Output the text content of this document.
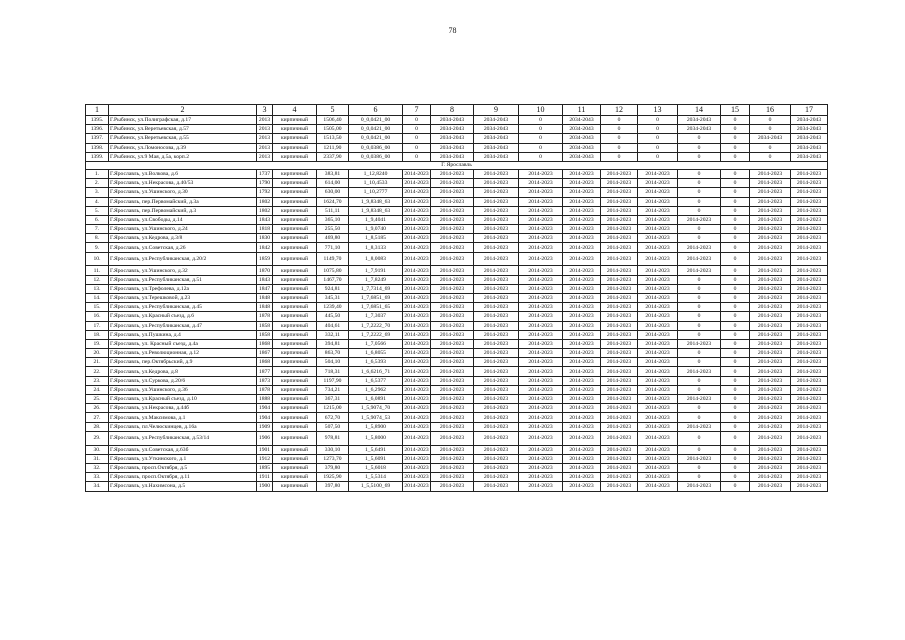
78
1	2	3	4	5	6	7	8	9	10	11	12	13	14	15	16	17
1395.	Г.Рыбинск, ул.Полиграфская, д.17	2013	кирпичный	1506,40	0_0,0421_00	0	2034-2043	2034-2043	0	2034-2043	0	0	2034-2043	0	0	2034-2043
1396.	Г.Рыбинск, ул.Веретьевская, д.57	2013	кирпичный	1505,00	0_0,0421_00	0	2034-2043	2034-2043	0	2034-2043	0	0	2034-2043	0	0	2034-2043
1397.	Г.Рыбинск, ул.Веретьевская, д.55	2013	кирпичный	1513,50	0_0,0421_00	0	2034-2043	2034-2043	0	2034-2043	0	0	0	0	2034-2043	2034-2043
1398.	Г.Рыбинск, ул.Ломоносова, д.39	2013	кирпичный	1211,90	0_0,0386_00	0	2034-2043	2034-2043	0	2034-2043	0	0	0	0	0	2034-2043
1399.	Г.Рыбинск, ул.9 Мая, д.5а, корп.2	2013	кирпичный	2337,90	0_0,0386_00	0	2034-2043	2034-2043	0	2034-2043	0	0	0	0	0	2034-2043
Г. Ярославль																
1.	Г.Ярославль, ул.Волкова, д.6	1737	кирпичный	383,81	1_12,8240	2014-2023	2014-2023	2014-2023	2014-2023	2014-2023	2014-2023	2014-2023	0	0	2014-2023	2014-2023
2.	Г.Ярославль, ул.Некрасова, д.40/53	1790	кирпичный	614,00	1_10,4533	2014-2023	2014-2023	2014-2023	2014-2023	2014-2023	2014-2023	2014-2023	0	0	2014-2023	2014-2023
3.	Г.Ярославль, ул.Ушинского, д.30	1792	кирпичный	630,00	1_10,2777	2014-2023	2014-2023	2014-2023	2014-2023	2014-2023	2014-2023	2014-2023	0	0	2014-2023	2014-2023
4.	Г.Ярославль, пер.Первомайский, д.3а	1802	кирпичный	1624,70	1_9,8348_63	2014-2023	2014-2023	2014-2023	2014-2023	2014-2023	2014-2023	2014-2023	0	0	2014-2023	2014-2023
5.	Г.Ярославль, пер.Первомайский, д.3	1802	кирпичный	511,11	1_9,8348_63	2014-2023	2014-2023	2014-2023	2014-2023	2014-2023	2014-2023	2014-2023	0	0	2014-2023	2014-2023
6.	Г.Ярославль, ул.Свободы, д.14	1843	кирпичный	365,10	1_9,4041	2014-2023	2014-2023	2014-2023	2014-2023	2014-2023	2014-2023	2014-2023	2014-2023	0	2014-2023	2014-2023
7.	Г.Ярославль, ул.Ушинского, д.24	1818	кирпичный	255,50	1_9,0740	2014-2023	2014-2023	2014-2023	2014-2023	2014-2023	2014-2023	2014-2023	0	0	2014-2023	2014-2023
8.	Г.Ярославль, ул.Кедрова, д.3/8	1830	кирпичный	469,80	1_8,5185	2014-2023	2014-2023	2014-2023	2014-2023	2014-2023	2014-2023	2014-2023	0	0	2014-2023	2014-2023
9.	Г.Ярославль, ул.Советская, д.26	1842	кирпичный	771,10	1_8,3133	2014-2023	2014-2023	2014-2023	2014-2023	2014-2023	2014-2023	2014-2023	2014-2023	0	2014-2023	2014-2023
10.	Г.Ярославль, ул.Республиканская, д.20/2	1859	кирпичный	1149,70	1_8,0083	2014-2023	2014-2023	2014-2023	2014-2023	2014-2023	2014-2023	2014-2023	2014-2023	0	2014-2023	2014-2023
11.	Г.Ярославль, ул.Ушинского, д.32	1870	кирпичный	1075,80	1_7,9191	2014-2023	2014-2023	2014-2023	2014-2023	2014-2023	2014-2023	2014-2023	2014-2023	0	2014-2023	2014-2023
12.	Г.Ярославль, ул.Республиканская, д.51	1843	кирпичный	1467,70	1_7,8249	2014-2023	2014-2023	2014-2023	2014-2023	2014-2023	2014-2023	2014-2023	0	0	2014-2023	2014-2023
13.	Г.Ярославль, ул.Трефолева, д.12а	1847	кирпичный	924,81	1_7,7314_69	2014-2023	2014-2023	2014-2023	2014-2023	2014-2023	2014-2023	2014-2023	0	0	2014-2023	2014-2023
14.	Г.Ярославль, ул.Терешковой, д.23	1848	кирпичный	345,31	1_7,6851_69	2014-2023	2014-2023	2014-2023	2014-2023	2014-2023	2014-2023	2014-2023	0	0	2014-2023	2014-2023
15.	Г.Ярославль, ул.Республиканская, д.45	1848	кирпичный	1239,40	1_7,6851_65	2014-2023	2014-2023	2014-2023	2014-2023	2014-2023	2014-2023	2014-2023	0	0	2014-2023	2014-2023
16.	Г.Ярославль, ул.Красный съезд, д.6	1878	кирпичный	445,50	1_7,3037	2014-2023	2014-2023	2014-2023	2014-2023	2014-2023	2014-2023	2014-2023	0	0	2014-2023	2014-2023
17.	Г.Ярославль, ул.Республиканская, д.47	1858	кирпичный	404,61	1_7,2222_70	2014-2023	2014-2023	2014-2023	2014-2023	2014-2023	2014-2023	2014-2023	0	0	2014-2023	2014-2023
18.	Г.Ярославль, ул.Пушкина, д.4	1858	кирпичный	332,11	1_7,2222_69	2014-2023	2014-2023	2014-2023	2014-2023	2014-2023	2014-2023	2014-2023	0	0	2014-2023	2014-2023
19.	Г.Ярославль, ул. Красный съезд, д.4а	1868	кирпичный	394,81	1_7,0566	2014-2023	2014-2023	2014-2023	2014-2023	2014-2023	2014-2023	2014-2023	2014-2023	0	2014-2023	2014-2023
20.	Г.Ярославль, ул.Революционная, д.12	1867	кирпичный	863,70	1_6,8055	2014-2023	2014-2023	2014-2023	2014-2023	2014-2023	2014-2023	2014-2023	0	0	2014-2023	2014-2023
21.	Г.Ярославль, пер.Октябрьский, д.9	1868	кирпичный	504,10	1_6,5393	2014-2023	2014-2023	2014-2023	2014-2023	2014-2023	2014-2023	2014-2023	0	0	2014-2023	2014-2023
22.	Г.Ярославль, ул.Кедрова, д.8	1877	кирпичный	718,31	1_6,6216_71	2014-2023	2014-2023	2014-2023	2014-2023	2014-2023	2014-2023	2014-2023	2014-2023	0	2014-2023	2014-2023
23.	Г.Ярославль, ул.Суркова, д.20/6	1873	кирпичный	1197,90	1_6,5377	2014-2023	2014-2023	2014-2023	2014-2023	2014-2023	2014-2023	2014-2023	0	0	2014-2023	2014-2023
24.	Г.Ярославль, ул.Ушинского, д.36	1878	кирпичный	734,21	1_6,2962	2014-2023	2014-2023	2014-2023	2014-2023	2014-2023	2014-2023	2014-2023	0	0	2014-2023	2014-2023
25.	Г.Ярославль, ул.Красный съезд, д.10	1888	кирпичный	367,31	1_6,0891	2014-2023	2014-2023	2014-2023	2014-2023	2014-2023	2014-2023	2014-2023	2014-2023	0	2014-2023	2014-2023
26.	Г.Ярославль, ул.Некрасова, д.44б	1904	кирпичный	1215,00	1_5,9074_70	2014-2023	2014-2023	2014-2023	2014-2023	2014-2023	2014-2023	2014-2023	0	0	2014-2023	2014-2023
27.	Г.Ярославль, ул.Максимова, д.1	1904	кирпичный	672,70	1_5,9074_53	2014-2023	2014-2023	2014-2023	2014-2023	2014-2023	2014-2023	2014-2023	0	0	2014-2023	2014-2023
28.	Г.Ярославль, пл.Челюскинцев, д.16а	1909	кирпичный	507,50	1_5,8900	2014-2023	2014-2023	2014-2023	2014-2023	2014-2023	2014-2023	2014-2023	2014-2023	0	2014-2023	2014-2023
29.	Г.Ярославль, ул.Республиканская, д.53/14	1906	кирпичный	978,81	1_5,8000	2014-2023	2014-2023	2014-2023	2014-2023	2014-2023	2014-2023	2014-2023	0	0	2014-2023	2014-2023
30.	Г.Ярославль, ул.Советская, д.63б	1901	кирпичный	330,10	1_5,6491	2014-2023	2014-2023	2014-2023	2014-2023	2014-2023	2014-2023	2014-2023	0	0	2014-2023	2014-2023
31.	Г.Ярославль, ул.Уткинского, д.1	1912	кирпичный	1273,70	1_5,6091	2014-2023	2014-2023	2014-2023	2014-2023	2014-2023	2014-2023	2014-2023	2014-2023	0	2014-2023	2014-2023
32.	Г.Ярославль, просп.Октября, д.5	1895	кирпичный	379,80	1_5,6018	2014-2023	2014-2023	2014-2023	2014-2023	2014-2023	2014-2023	2014-2023	0	0	2014-2023	2014-2023
33.	Г.Ярославль, просп.Октября, д.11	1911	кирпичный	1925,90	1_5,5314	2014-2023	2014-2023	2014-2023	2014-2023	2014-2023	2014-2023	2014-2023	0	0	2014-2023	2014-2023
34.	Г.Ярославль, ул.Нахимсона, д.5	1900	кирпичный	397,80	1_5,5100_69	2014-2023	2014-2023	2014-2023	2014-2023	2014-2023	2014-2023	2014-2023	2014-2023	0	2014-2023	2014-2023
